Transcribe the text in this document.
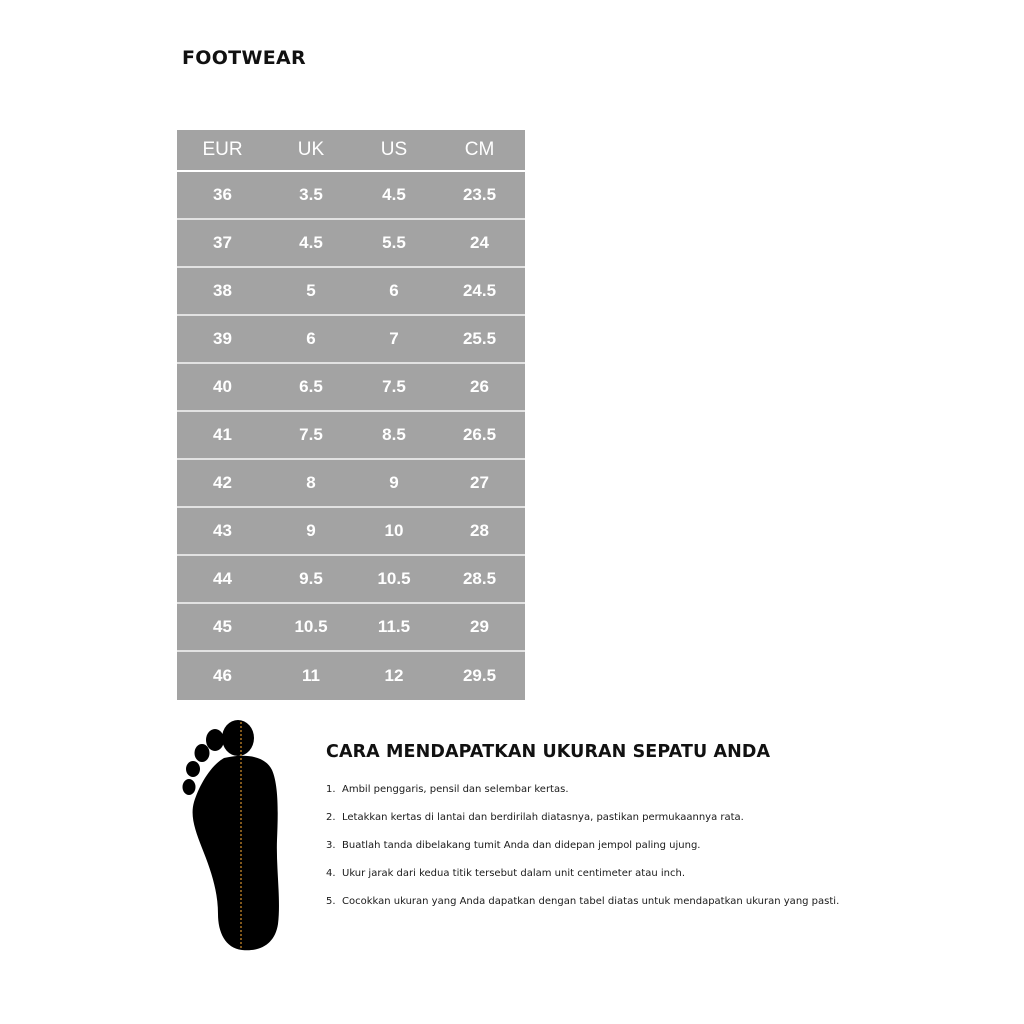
FOOTWEAR
EUR	UK	US	CM
36	3.5	4.5	23.5
37	4.5	5.5	24
38	5	6	24.5
39	6	7	25.5
40	6.5	7.5	26
41	7.5	8.5	26.5
42	8	9	27
43	9	10	28
44	9.5	10.5	28.5
45	10.5	11.5	29
46	11	12	29.5
CARA MENDAPATKAN UKURAN SEPATU ANDA
1. Ambil penggaris, pensil dan selembar kertas.
2. Letakkan kertas di lantai dan berdirilah diatasnya, pastikan permukaannya rata.
3. Buatlah tanda dibelakang tumit Anda dan didepan jempol paling ujung.
4. Ukur jarak dari kedua titik tersebut dalam unit centimeter atau inch.
5. Cocokkan ukuran yang Anda dapatkan dengan tabel diatas untuk mendapatkan ukuran yang pasti.
